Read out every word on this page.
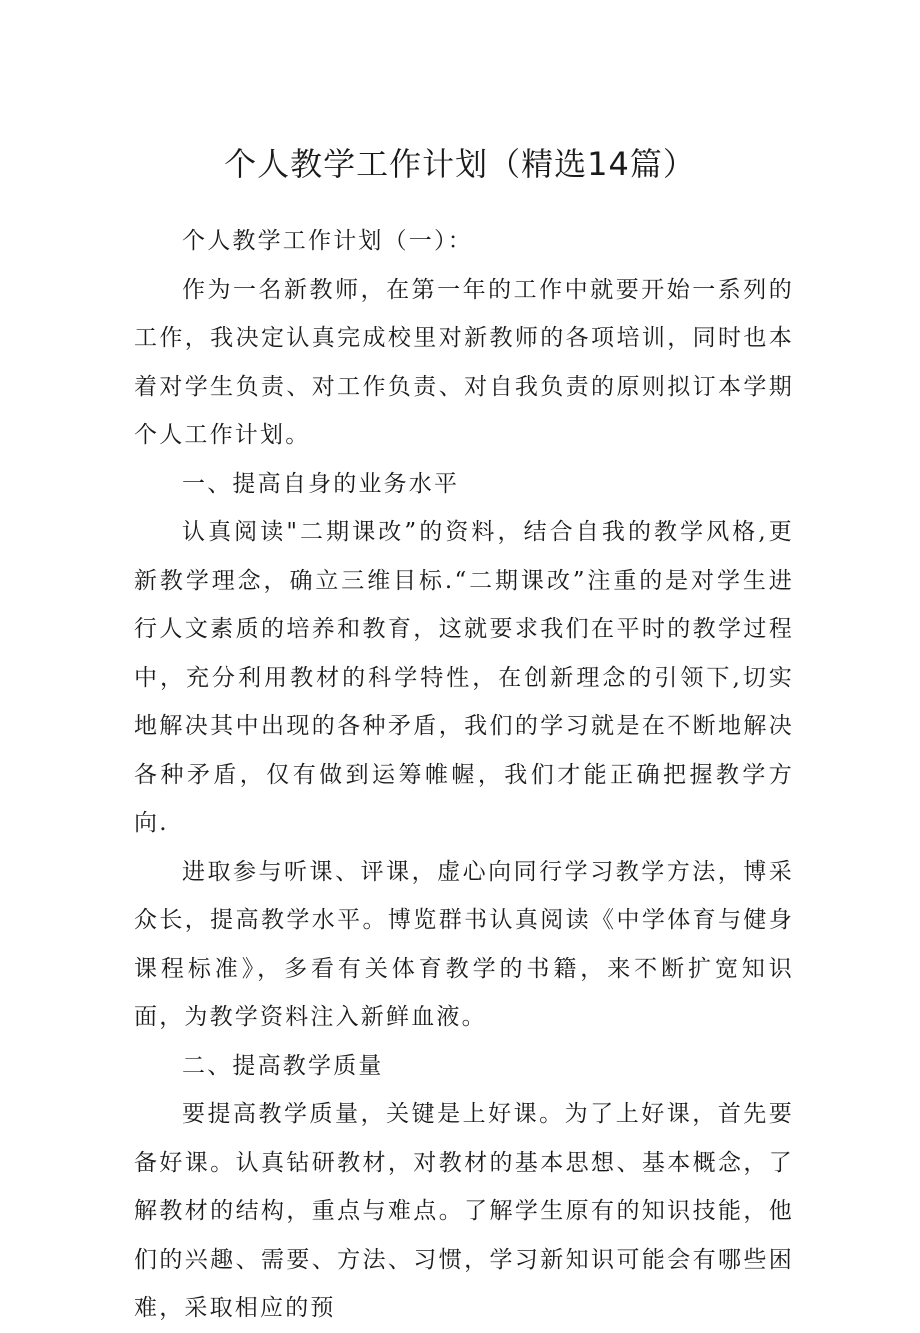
个人教学工作计划（精选14篇）

个人教学工作计划（一）：

作为一名新教师，在第一年的工作中就要开始一系列的工作，我决定认真完成校里对新教师的各项培训，同时也本着对学生负责、对工作负责、对自我负责的原则拟订本学期个人工作计划。

一、提高自身的业务水平

认真阅读"二期课改”的资料，结合自我的教学风格,更新教学理念，确立三维目标.“二期课改”注重的是对学生进行人文素质的培养和教育，这就要求我们在平时的教学过程中，充分利用教材的科学特性，在创新理念的引领下,切实地解决其中出现的各种矛盾，我们的学习就是在不断地解决各种矛盾，仅有做到运筹帷幄，我们才能正确把握教学方向.

进取参与听课、评课，虚心向同行学习教学方法，博采众长，提高教学水平。博览群书认真阅读《中学体育与健身课程标准》，多看有关体育教学的书籍，来不断扩宽知识面，为教学资料注入新鲜血液。

二、提高教学质量

要提高教学质量，关键是上好课。为了上好课，首先要备好课。认真钻研教材，对教材的基本思想、基本概念，了解教材的结构，重点与难点。了解学生原有的知识技能，他们的兴趣、需要、方法、习惯，学习新知识可能会有哪些困难，采取相应的预
